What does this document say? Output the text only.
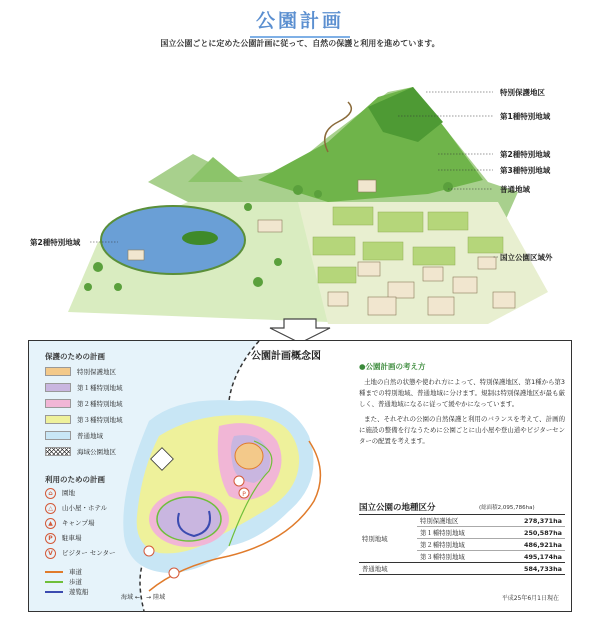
公園計画
国立公園ごとに定めた公園計画に従って、自然の保護と利用を進めています。
特別保護地区
第1種特別地域
第2種特別地域
第3種特別地域
普通地域
国立公園区域外
第2種特別地域
P
公園計画概念図
保護のための計画
特別保護地区
第１種特別地域
第２種特別地域
第３種特別地域
普通地域
海域公園地区
利用のための計画
⌂	園地
△	山小屋・ホテル
▲	キャンプ場
P	駐車場
V	ビジター センター
車道
歩道
遊覧船
海域 ←　→ 陸域
●公園計画の考え方
土地の自然の状態や使われ方によって、特別保護地区、第1種から第3種までの特別地域、普通地域に分けます。規制は特別保護地区が最も厳しく、普通地域になるに従って緩やかになっています。
また、それぞれの公園の自然保護と利用のバランスを考えて、計画的に施設の整備を行なうために公園ごとに山小屋や登山道やビジターセンターの配置を考えます。
国立公園の地種区分	(総面積2,095,786ha)
特別地域	特別保護地区	278,371ha
	第１種特別地域	250,587ha
	第２種特別地域	486,921ha
	第３種特別地域	495,174ha
普通地域		584,733ha
平成25年6月1日現在
